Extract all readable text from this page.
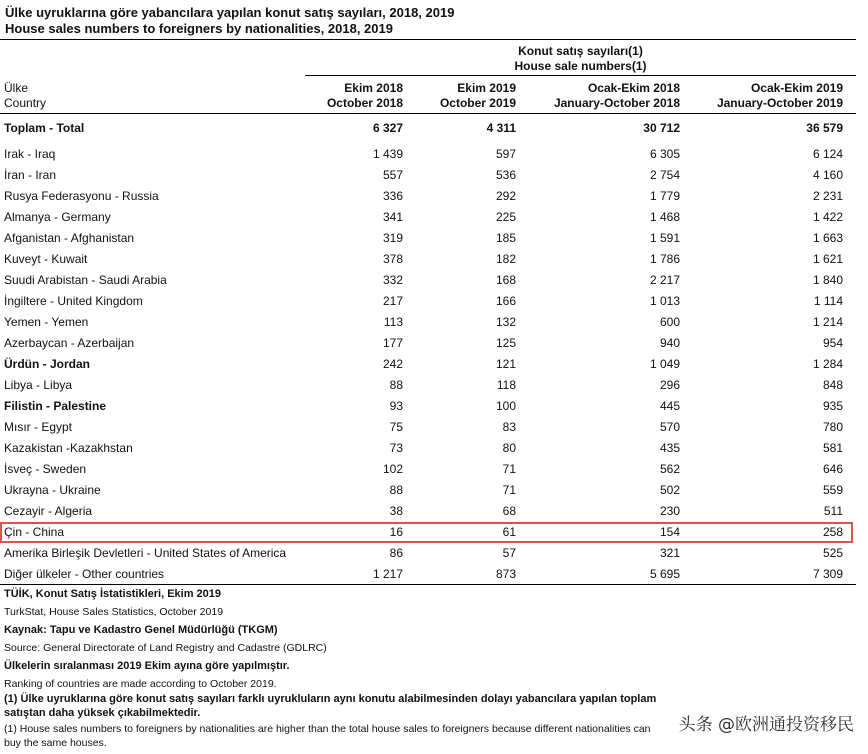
Ülke uyruklarına göre yabancılara yapılan konut satış sayıları, 2018, 2019
House sales numbers to foreigners by nationalities, 2018, 2019
Konut satış sayıları(1)
House sale numbers(1)
Ülke
Country
Ekim 2018
October 2018
Ekim 2019
October 2019
Ocak-Ekim 2018
January-October 2018
Ocak-Ekim 2019
January-October 2019
Toplam - Total	6 327	4 311	30 712	36 579
Irak - Iraq	1 439	597	6 305	6 124
İran - Iran	557	536	2 754	4 160
Rusya Federasyonu - Russia	336	292	1 779	2 231
Almanya - Germany	341	225	1 468	1 422
Afganistan - Afghanistan	319	185	1 591	1 663
Kuveyt - Kuwait	378	182	1 786	1 621
Suudi Arabistan - Saudi Arabia	332	168	2 217	1 840
İngiltere - United Kingdom	217	166	1 013	1 114
Yemen - Yemen	113	132	600	1 214
Azerbaycan - Azerbaijan	177	125	940	954
Ürdün - Jordan	242	121	1 049	1 284
Libya - Libya	88	118	296	848
Filistin - Palestine	93	100	445	935
Mısır - Egypt	75	83	570	780
Kazakistan -Kazakhstan	73	80	435	581
İsveç - Sweden	102	71	562	646
Ukrayna - Ukraine	88	71	502	559
Cezayir - Algeria	38	68	230	511
Çin - China	16	61	154	258
Amerika Birleşik Devletleri - United States of America	86	57	321	525
Diğer ülkeler - Other countries	1 217	873	5 695	7 309
TÜİK, Konut Satış İstatistikleri, Ekim 2019
TurkStat, House Sales Statistics, October 2019
Kaynak: Tapu ve Kadastro Genel Müdürlüğü (TKGM)
Source: General Directorate of Land Registry and Cadastre (GDLRC)
Ülkelerin sıralanması 2019 Ekim ayına göre yapılmıştır.
Ranking of countries are made according to October 2019.
(1) Ülke uyruklarına göre konut satış sayıları farklı uyrukluların aynı konutu alabilmesinden dolayı yabancılara yapılan toplam
satıştan daha yüksek çıkabilmektedir.
(1) House sales numbers to foreigners by nationalities are higher than the total house sales to foreigners because different nationalities can
buy the same houses.
头条 @欧洲通投资移民
